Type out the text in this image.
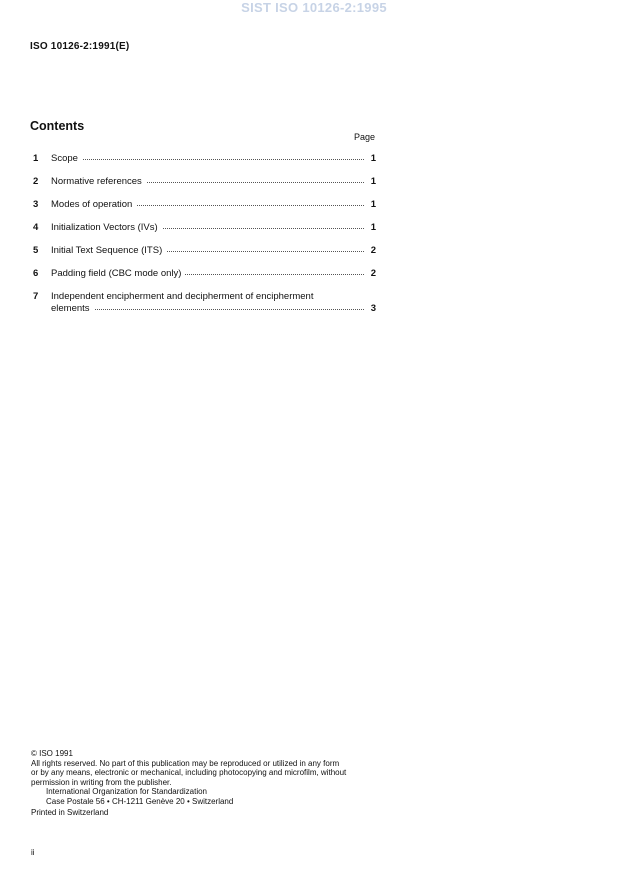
SIST ISO 10126-2:1995
ISO 10126-2:1991(E)
Contents
Page
1 Scope	1
2 Normative references	1
3 Modes of operation	1
4 Initialization Vectors (IVs)	1
5 Initial Text Sequence (ITS)	2
6 Padding field (CBC mode only)	2
7 Independent encipherment and decipherment of encipherment
elements	3

© ISO 1991

All rights reserved. No part of this publication may be reproduced or utilized in any form

or by any means, electronic or mechanical, including photocopying and microfilm, without

permission in writing from the publisher.

International Organization for Standardization

Case Postale 56 • CH-1211 Genève 20 • Switzerland

Printed in Switzerland
ii
